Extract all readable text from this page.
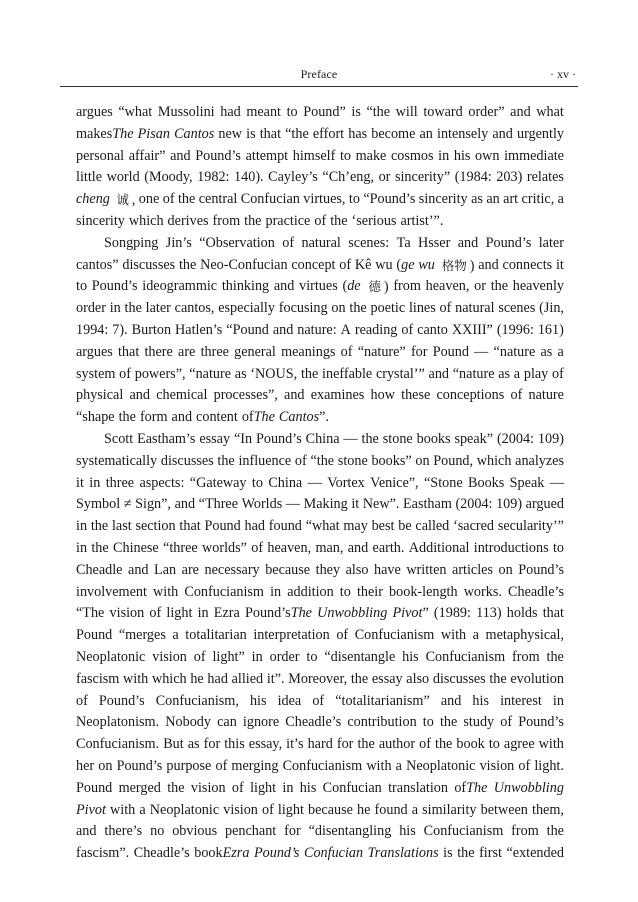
Preface	· xv ·
argues “what Mussolini had meant to Pound” is “the will toward order” and what
makesThe Pisan Cantos new is that “the effort has become an intensely and urgently
personal affair” and Pound’s attempt himself to make cosmos in his own immediate
little world (Moody, 1982: 140). Cayley’s “Ch’eng, or sincerity” (1984: 203) relates
cheng 诚 , one of the central Confucian virtues, to “Pound’s sincerity as an art critic, a
sincerity which derives from the practice of the ‘serious artist’”.
Songping Jin’s “Observation of natural scenes: Ta Hsser and Pound’s later
cantos” discusses the Neo-Confucian concept of Kê wu (ge wu 格物 ) and connects it
to Pound’s ideogrammic thinking and virtues (de 德 ) from heaven, or the heavenly
order in the later cantos, especially focusing on the poetic lines of natural scenes (Jin,
1994: 7). Burton Hatlen’s “Pound and nature: A reading of canto XXIII” (1996: 161)
argues that there are three general meanings of “nature” for Pound — “nature as a
system of powers”, “nature as ‘NOUS, the ineffable crystal’” and “nature as a play of
physical and chemical processes”, and examines how these conceptions of nature
“shape the form and content ofThe Cantos”.
Scott Eastham’s essay “In Pound’s China — the stone books speak” (2004: 109)
systematically discusses the influence of “the stone books” on Pound, which analyzes
it in three aspects: “Gateway to China — Vortex Venice”, “Stone Books Speak —
Symbol ≠ Sign”, and “Three Worlds — Making it New”. Eastham (2004: 109) argued
in the last section that Pound had found “what may best be called ‘sacred secularity’”
in the Chinese “three worlds” of heaven, man, and earth. Additional introductions to
Cheadle and Lan are necessary because they also have written articles on Pound’s
involvement with Confucianism in addition to their book-length works. Cheadle’s
“The vision of light in Ezra Pound’sThe Unwobbling Pivot” (1989: 113) holds that
Pound “merges a totalitarian interpretation of Confucianism with a metaphysical,
Neoplatonic vision of light” in order to “disentangle his Confucianism from the
fascism with which he had allied it”. Moreover, the essay also discusses the evolution
of Pound’s Confucianism, his idea of “totalitarianism” and his interest in
Neoplatonism. Nobody can ignore Cheadle’s contribution to the study of Pound’s
Confucianism. But as for this essay, it’s hard for the author of the book to agree with
her on Pound’s purpose of merging Confucianism with a Neoplatonic vision of light.
Pound merged the vision of light in his Confucian translation ofThe Unwobbling
Pivot with a Neoplatonic vision of light because he found a similarity between them,
and there’s no obvious penchant for “disentangling his Confucianism from the
fascism”. Cheadle’s bookEzra Pound’s Confucian Translations is the first “extended
